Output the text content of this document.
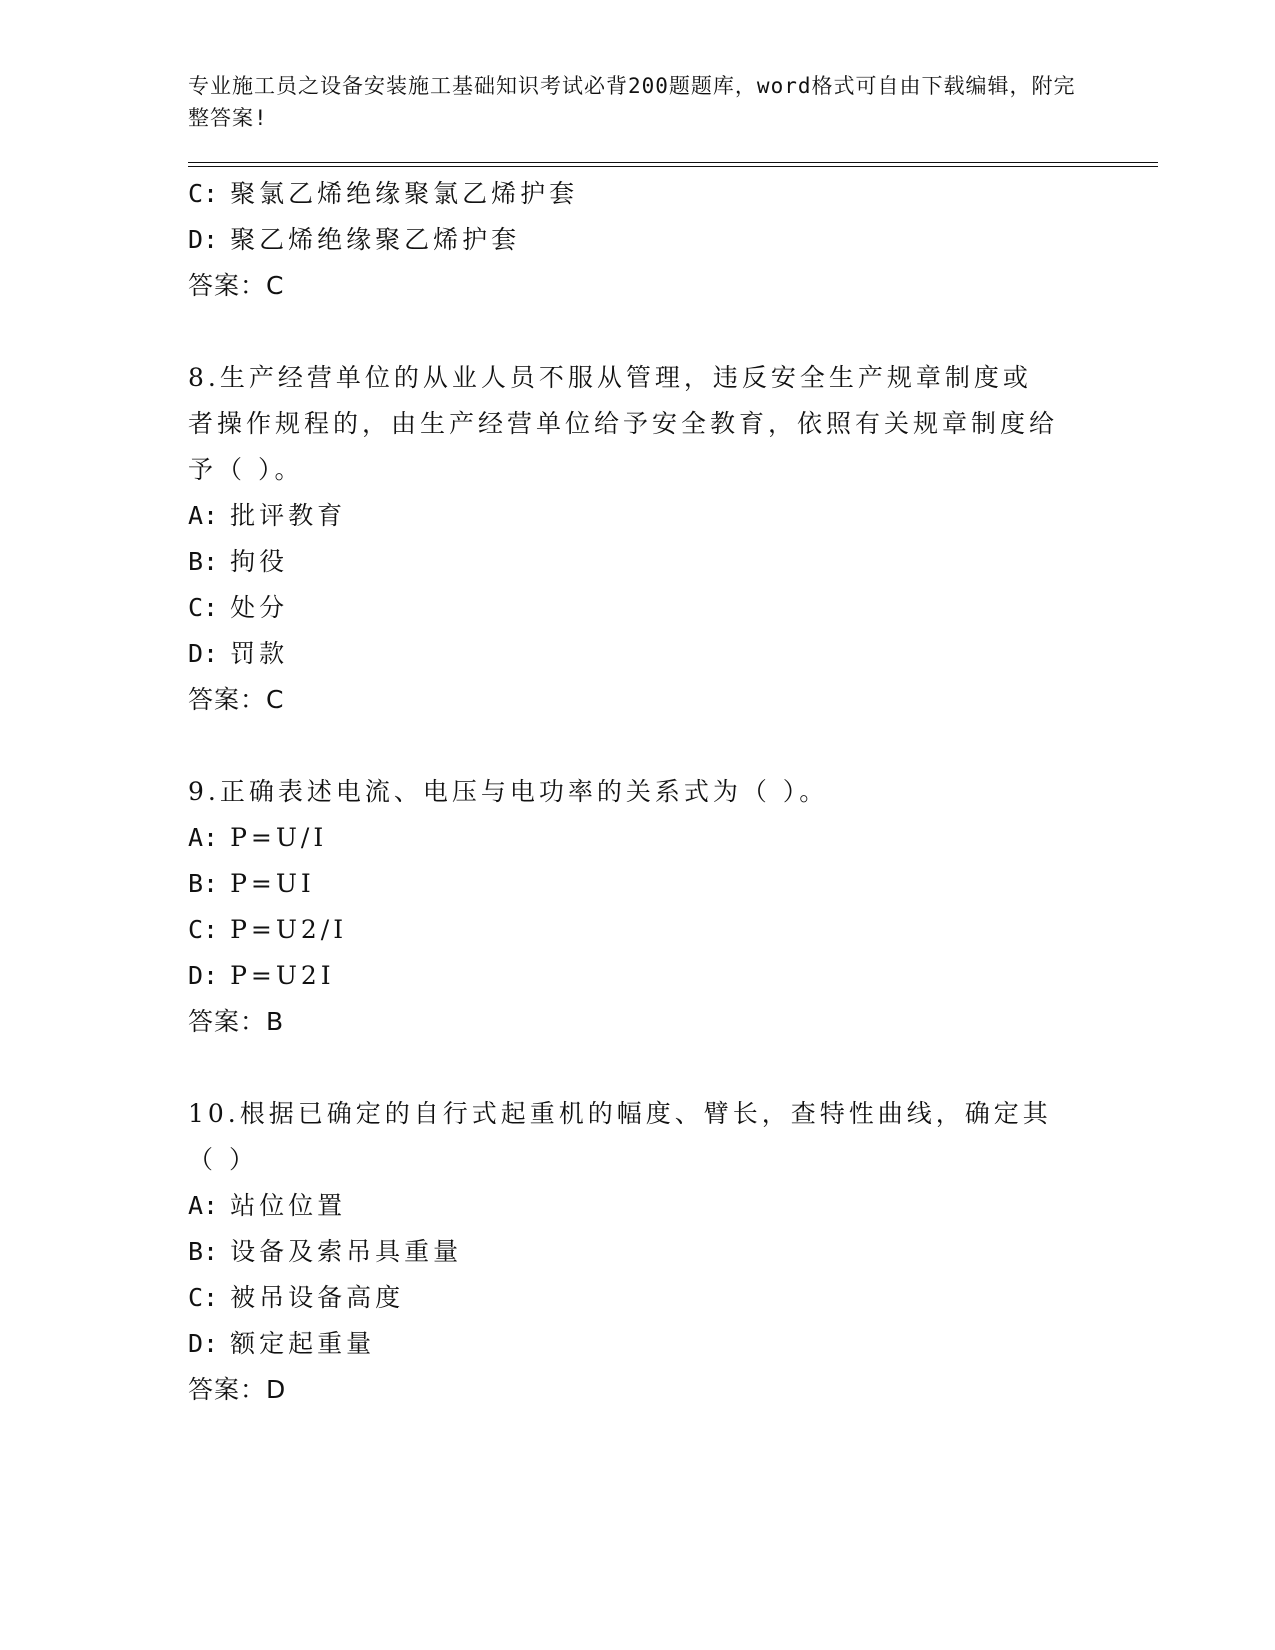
专业施工员之设备安装施工基础知识考试必背200题题库，word格式可自由下载编辑，附完整答案!
C: 聚氯乙烯绝缘聚氯乙烯护套
D: 聚乙烯绝缘聚乙烯护套
答案：C
8.生产经营单位的从业人员不服从管理，违反安全生产规章制度或者操作规程的，由生产经营单位给予安全教育，依照有关规章制度给予（ ）。
A: 批评教育
B: 拘役
C: 处分
D: 罚款
答案：C
9.正确表述电流、电压与电功率的关系式为（ ）。
A: P=U/I
B: P=UI
C: P=U2/I
D: P=U2I
答案：B
10.根据已确定的自行式起重机的幅度、臂长，查特性曲线，确定其（ ）
A: 站位位置
B: 设备及索吊具重量
C: 被吊设备高度
D: 额定起重量
答案：D
